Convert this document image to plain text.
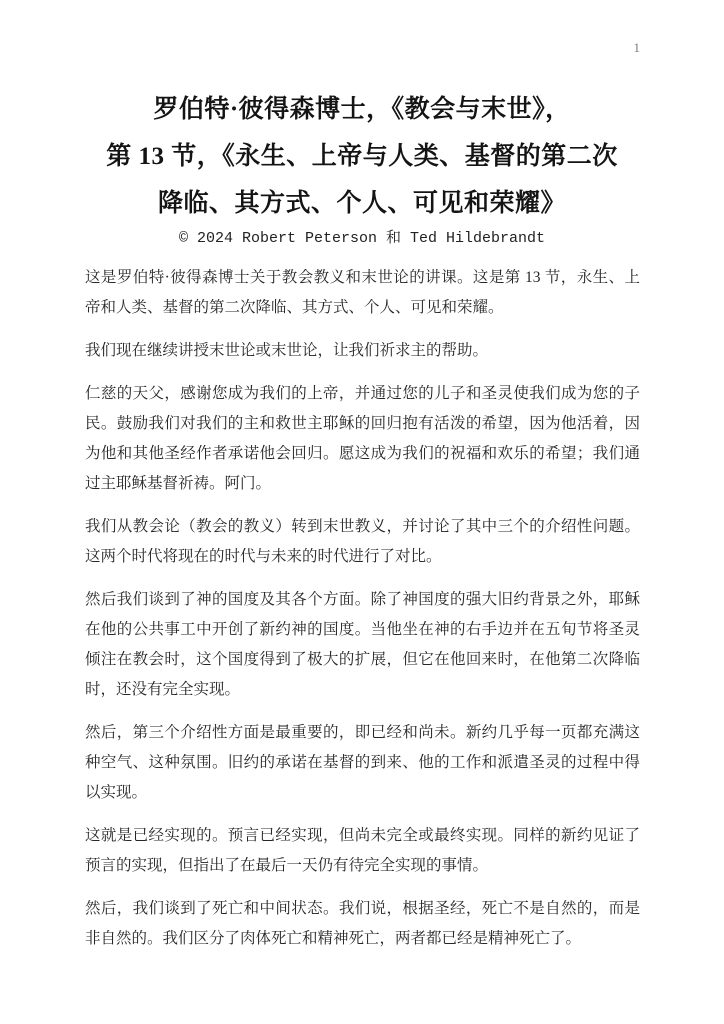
1
罗伯特·彼得森博士，《教会与末世》，
第 13 节，《永生、上帝与人类、基督的第二次
降临、其方式、个人、可见和荣耀》
© 2024 Robert Peterson 和 Ted Hildebrandt

这是罗伯特·彼得森博士关于教会教义和末世论的讲课。这是第 13 节，永生、上帝和人类、基督的第二次降临、其方式、个人、可见和荣耀。

我们现在继续讲授末世论或末世论，让我们祈求主的帮助。

仁慈的天父，感谢您成为我们的上帝，并通过您的儿子和圣灵使我们成为您的子民。鼓励我们对我们的主和救世主耶稣的回归抱有活泼的希望，因为他活着，因为他和其他圣经作者承诺他会回归。愿这成为我们的祝福和欢乐的希望；我们通过主耶稣基督祈祷。阿门。

我们从教会论（教会的教义）转到末世教义，并讨论了其中三个的介绍性问题。这两个时代将现在的时代与未来的时代进行了对比。

然后我们谈到了神的国度及其各个方面。除了神国度的强大旧约背景之外，耶稣在他的公共事工中开创了新约神的国度。当他坐在神的右手边并在五旬节将圣灵倾注在教会时，这个国度得到了极大的扩展，但它在他回来时，在他第二次降临时，还没有完全实现。

然后，第三个介绍性方面是最重要的，即已经和尚未。新约几乎每一页都充满这种空气、这种氛围。旧约的承诺在基督的到来、他的工作和派遣圣灵的过程中得以实现。

这就是已经实现的。预言已经实现，但尚未完全或最终实现。同样的新约见证了预言的实现，但指出了在最后一天仍有待完全实现的事情。

然后，我们谈到了死亡和中间状态。我们说，根据圣经，死亡不是自然的，而是非自然的。我们区分了肉体死亡和精神死亡，两者都已经是精神死亡了。
